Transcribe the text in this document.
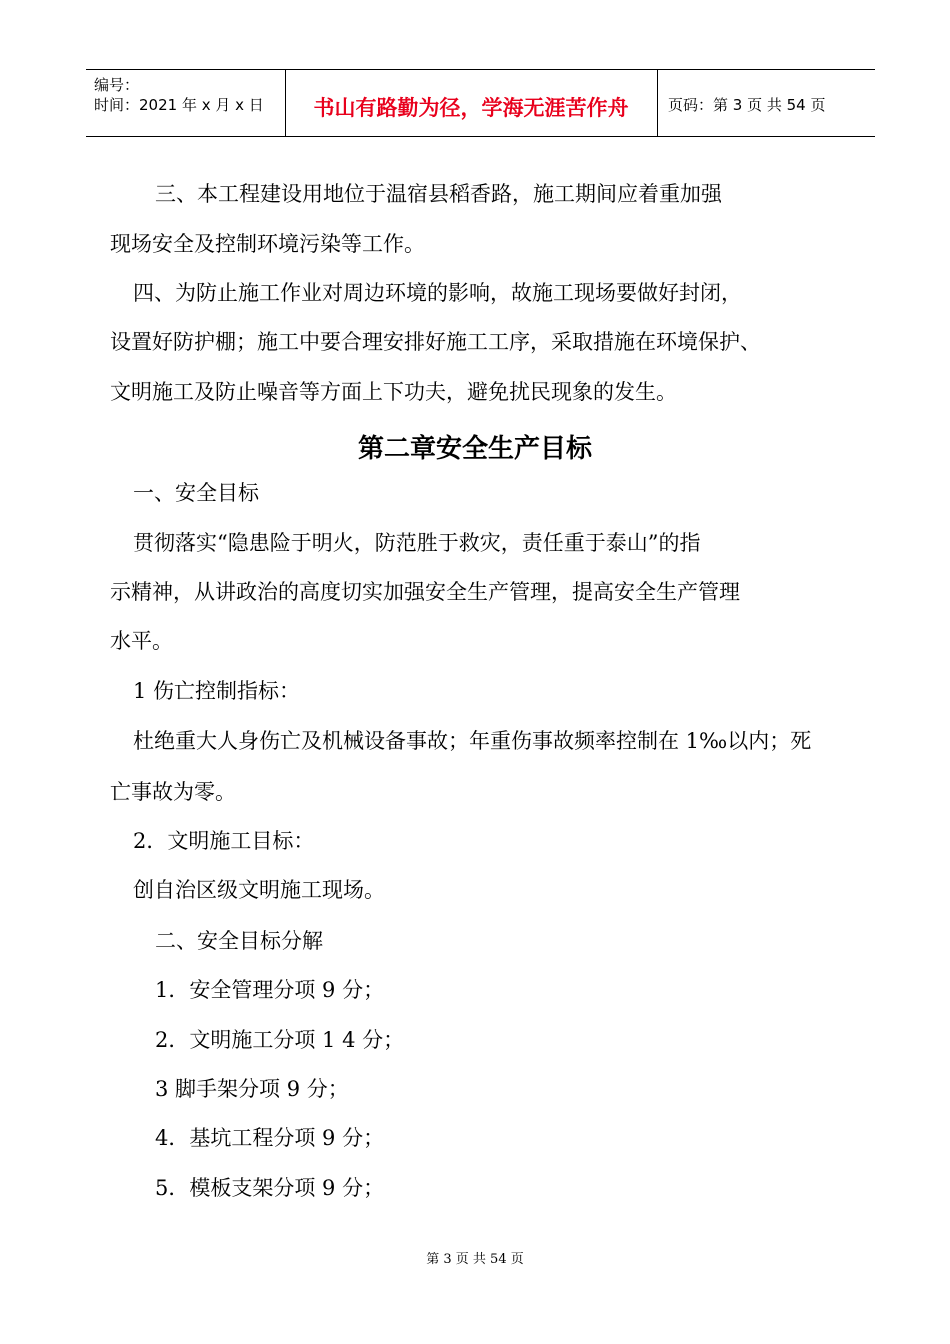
编号：
时间：2021 年 x 月 x 日	书山有路勤为径，学海无涯苦作舟	页码：第 3 页 共 54 页
三、本工程建设用地位于温宿县稻香路，施工期间应着重加强
现场安全及控制环境污染等工作。
四、为防止施工作业对周边环境的影响，故施工现场要做好封闭，
设置好防护棚；施工中要合理安排好施工工序，采取措施在环境保护、
文明施工及防止噪音等方面上下功夫，避免扰民现象的发生。
第二章安全生产目标
一、安全目标
贯彻落实“隐患险于明火，防范胜于救灾，责任重于泰山”的指
示精神，从讲政治的高度切实加强安全生产管理，提高安全生产管理
水平。
1 伤亡控制指标：
杜绝重大人身伤亡及机械设备事故；年重伤事故频率控制在 1‰以内；死
亡事故为零。
2．文明施工目标：
创自治区级文明施工现场。
二、安全目标分解
1．安全管理分项 9 分；
2．文明施工分项 1 4 分；
3 脚手架分项 9 分；
4．基坑工程分项 9 分；
5．模板支架分项 9 分；
第 3 页 共 54 页
